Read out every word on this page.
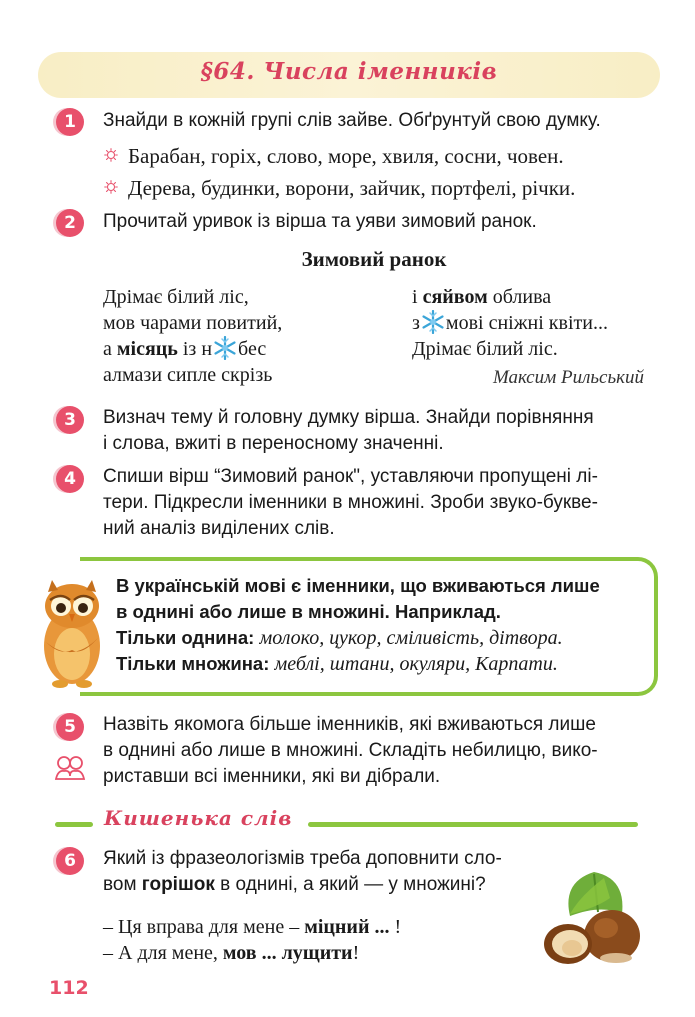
§64. Числа іменників
1	Знайди в кожній групі слів зайве. Обґрунтуй свою думку.
Барабан, горіх, слово, море, хвиля, сосни, човен.
Дерева, будинки, ворони, зайчик, портфелі, річки.
2	Прочитай уривок із вірша та уяви зимовий ранок.
Зимовий ранок
Дрімає білий ліс,
мов чарами повитий,
а місяць із н бес
алмази сипле скрізь
і сяйвом облива
з мові сніжні квіти...
Дрімає білий ліс.
Максим Рильський
3	Визнач тему й головну думку вірша. Знайди порівняння
і слова, вжиті в переносному значенні.
4	Спиши вірш “Зимовий ранок", уставляючи пропущені лі-
тери. Підкресли іменники в множині. Зроби звуко-букве-
ний аналіз виділених слів.
В українській мові є іменники, що вживаються лише
в однині або лише в множині. Наприклад.
Тільки однина: молоко, цукор, сміливість, дітвора.
Тільки множина: меблі, штани, окуляри, Карпати.
5	Назвіть якомога більше іменників, які вживаються лише
в однині або лише в множині. Складіть небилицю, вико-
риставши всі іменники, які ви дібрали.
Кишенька слів
6	Який із фразеологізмів треба доповнити сло-
вом горішок в однині, а який — у множині?
– Ця вправа для мене – міцний ... !
– А для мене, мов ... лущити!
112
